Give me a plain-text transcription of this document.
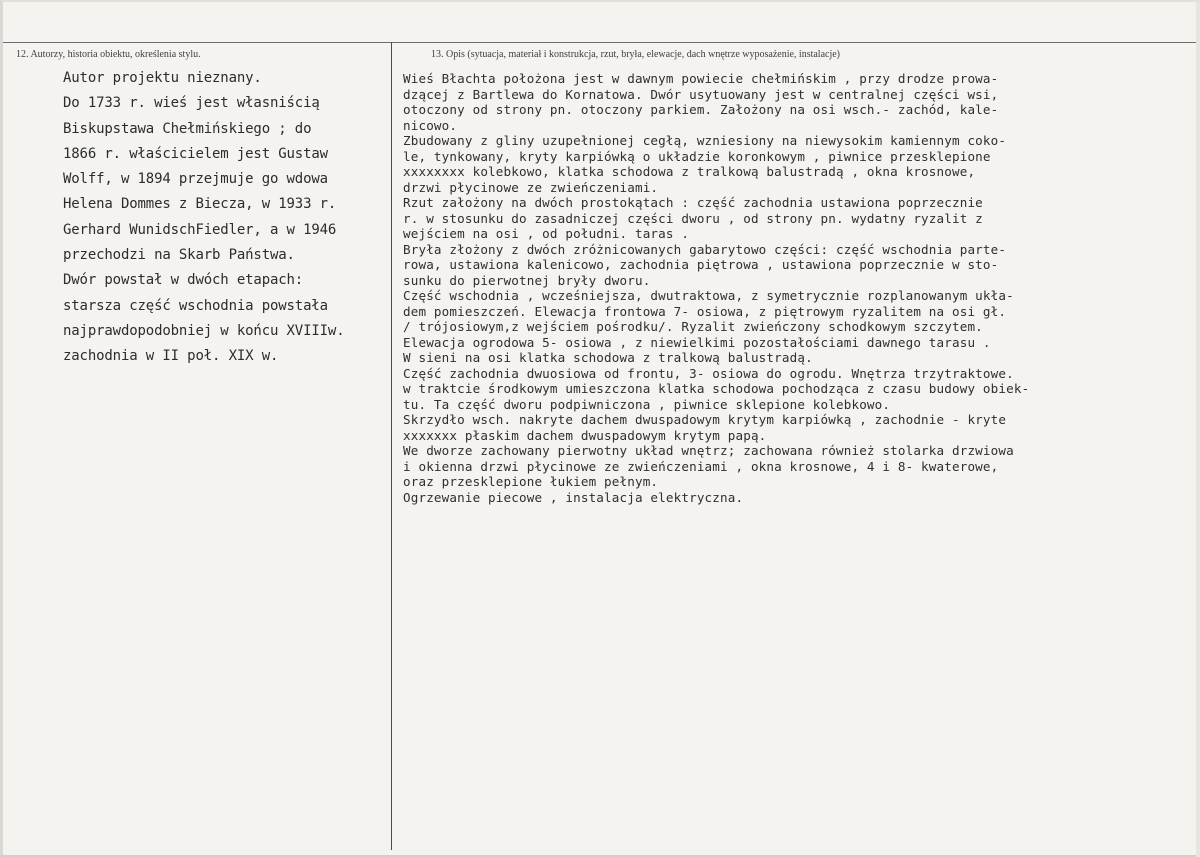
12. Autorzy, historia obiektu, określenia stylu.	13. Opis (sytuacja, materiał i konstrukcja, rzut, bryła, elewacje, dach wnętrze wyposażenie, instalacje)
Autor projektu nieznany.
Do 1733 r. wieś jest własniścią
Biskupstawa Chełmińskiego ; do
1866 r. właścicielem jest Gustaw
Wolff, w 1894 przejmuje go wdowa
Helena Dommes z Biecza, w 1933 r.
Gerhard WunidschFiedler, a w 1946
przechodzi na Skarb Państwa.
Dwór powstał w dwóch etapach:
starsza część wschodnia powstała
najprawdopodobniej w końcu XVIIIw.
zachodnia w II poł. XIX w.
Wieś Błachta położona jest w dawnym powiecie chełmińskim , przy drodze prowa-
dzącej z Bartlewa do Kornatowa. Dwór usytuowany jest w centralnej części wsi,
otoczony od strony pn. otoczony parkiem. Założony na osi wsch.- zachód, kale-
nicowo.
Zbudowany z gliny uzupełnionej cegłą, wzniesiony na niewysokim kamiennym coko-
le, tynkowany, kryty karpiówką o układzie koronkowym , piwnice przesklepione
xxxxxxxx kolebkowo, klatka schodowa z tralkową balustradą , okna krosnowe,
drzwi płycinowe ze zwieńczeniami.
Rzut założony na dwóch prostokątach : część zachodnia ustawiona poprzecznie
r. w stosunku do zasadniczej części dworu , od strony pn. wydatny ryzalit z
wejściem na osi , od południ. taras .
Bryła złożony z dwóch zróżnicowanych gabarytowo części: część wschodnia parte-
rowa, ustawiona kalenicowo, zachodnia piętrowa , ustawiona poprzecznie w sto-
sunku do pierwotnej bryły dworu.
Część wschodnia , wcześniejsza, dwutraktowa, z symetrycznie rozplanowanym ukła-
dem pomieszczeń. Elewacja frontowa 7- osiowa, z piętrowym ryzalitem na osi gł.
/ trójosiowym,z wejściem pośrodku/. Ryzalit zwieńczony schodkowym szczytem.
Elewacja ogrodowa 5- osiowa , z niewielkimi pozostałościami dawnego tarasu .
W sieni na osi klatka schodowa z tralkową balustradą.
Część zachodnia dwuosiowa od frontu, 3- osiowa do ogrodu. Wnętrza trzytraktowe.
w traktcie środkowym umieszczona klatka schodowa pochodząca z czasu budowy obiek-
tu. Ta część dworu podpiwniczona , piwnice sklepione kolebkowo.
Skrzydło wsch. nakryte dachem dwuspadowym krytym karpiówką , zachodnie - kryte
xxxxxxx płaskim dachem dwuspadowym krytym papą.
We dworze zachowany pierwotny układ wnętrz; zachowana również stolarka drzwiowa
i okienna drzwi płycinowe ze zwieńczeniami , okna krosnowe, 4 i 8- kwaterowe,
oraz przesklepione łukiem pełnym.
Ogrzewanie piecowe , instalacja elektryczna.
